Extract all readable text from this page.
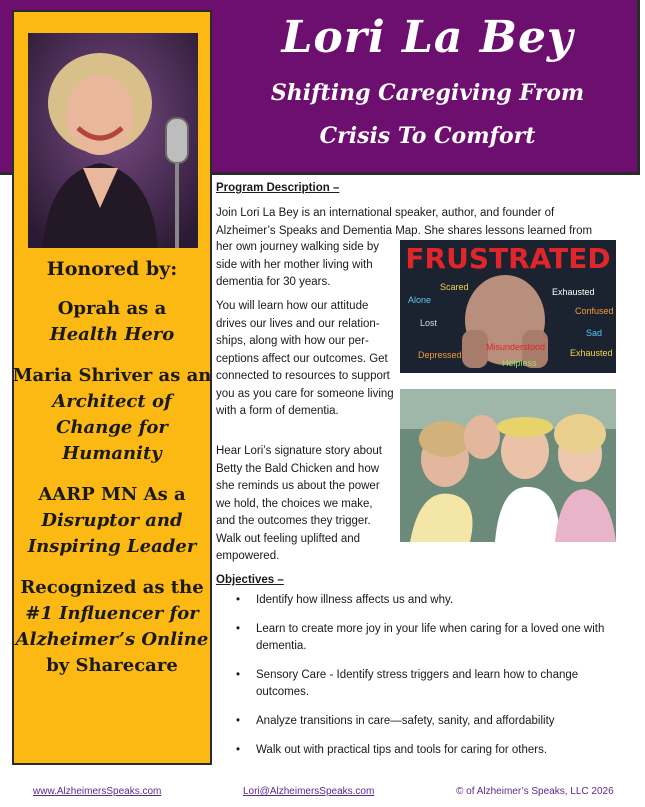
Lori La Bey
Shifting Caregiving From
Crisis To Comfort
Honored by:
Oprah as a
Health Hero
Maria Shriver as an Architect of Change for Humanity
AARP MN As a Disruptor and Inspiring Leader
Recognized as the #1 Influencer for Alzheimer’s Online by Sharecare
Program Description –

Join Lori La Bey is an international speaker, author, and founder of Alzheimer’s Speaks and Dementia Map. She shares lessons learned from

her own journey walking side by side with her mother living with dementia for 30 years.

You will learn how our attitude drives our lives and our relation-ships, along with how our per-ceptions affect our outcomes. Get connected to resources to support you as you care for someone living with a form of dementia.

Hear Lori’s signature story about Betty the Bald Chicken and how she reminds us about the power we hold, the choices we make, and the outcomes they trigger. Walk out feeling uplifted and empowered.

FRUSTRATED
Scared	Exhausted
Alone
Confused
Lost
Sad
Depressed
Misunderstood
Helpless
Exhausted
Objectives –
• Identify how illness affects us and why.
• Learn to create more joy in your life when caring for a loved one with dementia.
• Sensory Care - Identify stress triggers and learn how to change outcomes.
• Analyze transitions in care—safety, sanity, and affordability
• Walk out with practical tips and tools for caring for others.
www.AlzheimersSpeaks.com	Lori@AlzheimersSpeaks.com	© of Alzheimer’s Speaks, LLC 2026
